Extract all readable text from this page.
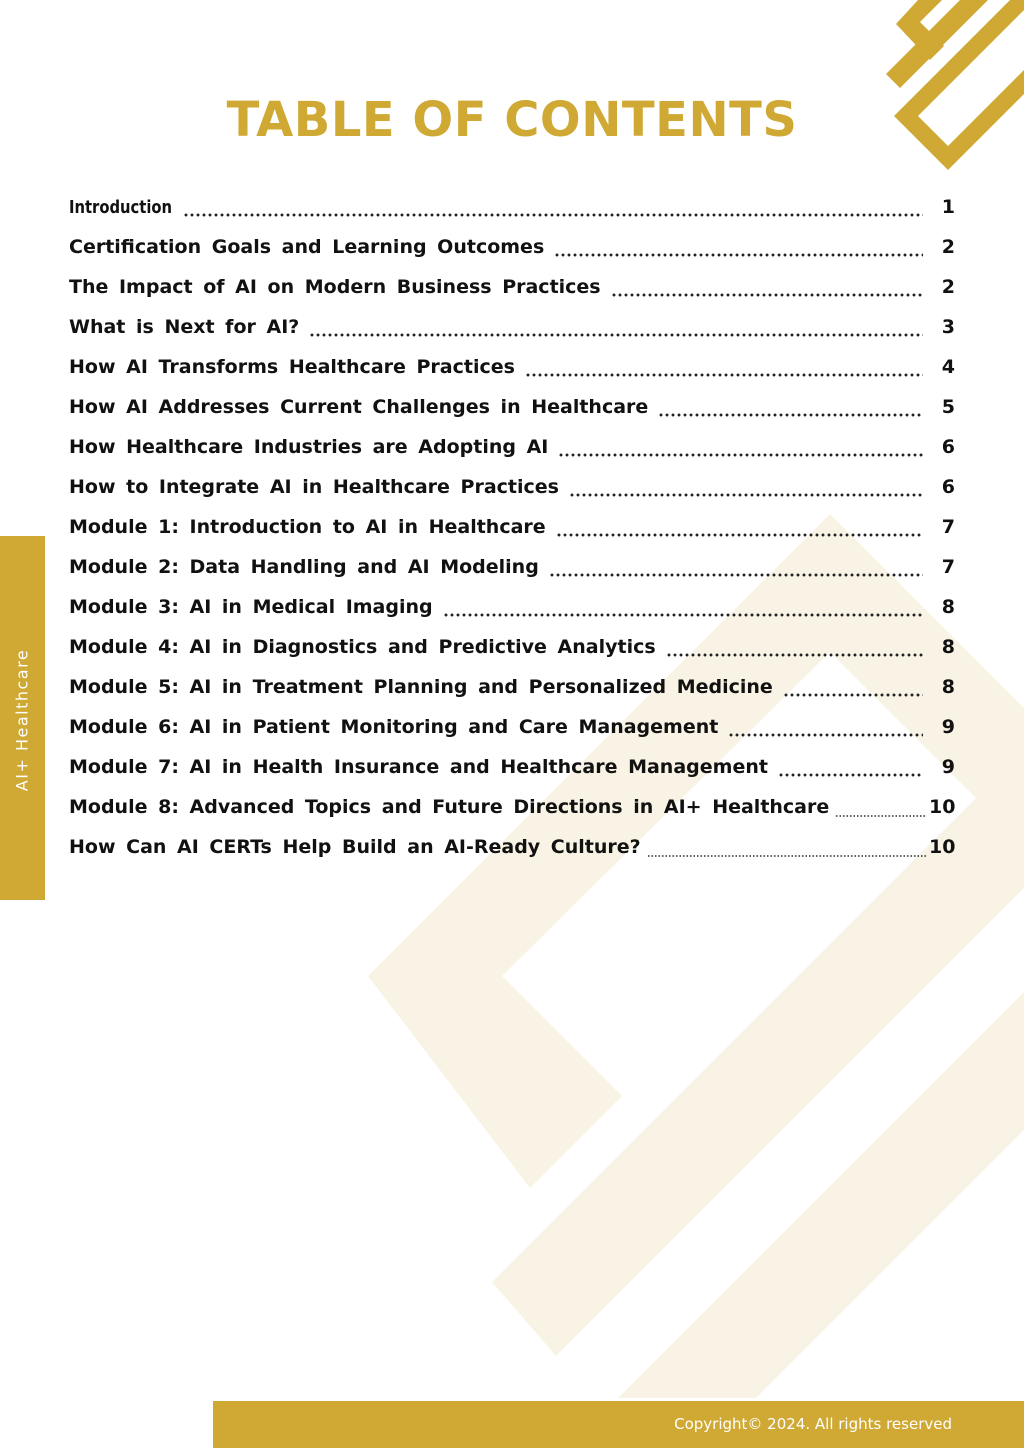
TABLE OF CONTENTS
Introduction	1
Certification Goals and Learning Outcomes	2
The Impact of AI on Modern Business Practices	2
What is Next for AI?	3
How AI Transforms Healthcare Practices	4
How AI Addresses Current Challenges in Healthcare	5
How Healthcare Industries are Adopting AI	6
How to Integrate AI in Healthcare Practices	6
Module 1: Introduction to AI in Healthcare	7
Module 2: Data Handling and AI Modeling	7
Module 3: AI in Medical Imaging	8
Module 4: AI in Diagnostics and Predictive Analytics	8
Module 5: AI in Treatment Planning and Personalized Medicine	8
Module 6: AI in Patient Monitoring and Care Management	9
Module 7: AI in Health Insurance and Healthcare Management	9
Module 8: Advanced Topics and Future Directions in AI+ Healthcare	10
How Can AI CERTs Help Build an AI-Ready Culture?	10
AI+ Healthcare
Copyright© 2024. All rights reserved
